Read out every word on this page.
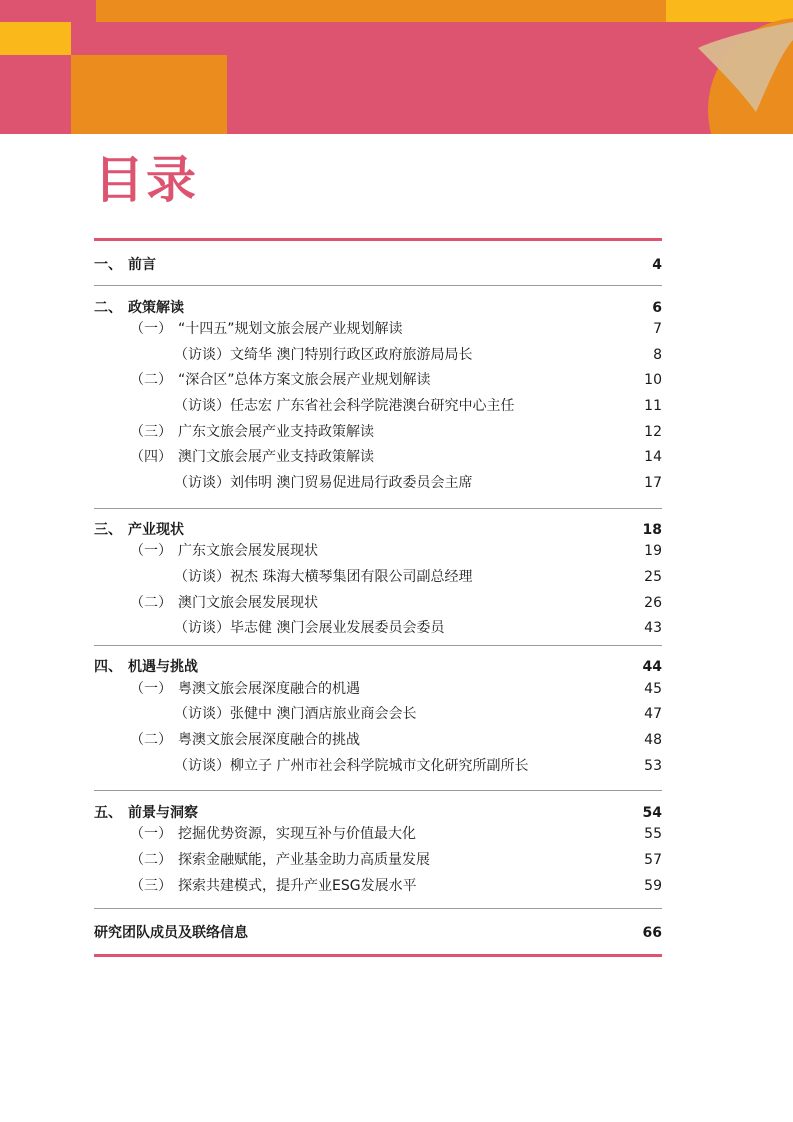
目录
一、 前言	4
二、 政策解读	6
（一） “十四五”规划文旅会展产业规划解读	7
（访谈）文绮华 澳门特别行政区政府旅游局局长	8
（二） “深合区”总体方案文旅会展产业规划解读	10
（访谈）任志宏 广东省社会科学院港澳台研究中心主任	11
（三） 广东文旅会展产业支持政策解读	12
（四） 澳门文旅会展产业支持政策解读	14
（访谈）刘伟明 澳门贸易促进局行政委员会主席	17
三、 产业现状	18
（一） 广东文旅会展发展现状	19
（访谈）祝杰 珠海大横琴集团有限公司副总经理	25
（二） 澳门文旅会展发展现状	26
（访谈）毕志健 澳门会展业发展委员会委员	43
四、 机遇与挑战	44
（一） 粤澳文旅会展深度融合的机遇	45
（访谈）张健中 澳门酒店旅业商会会长	47
（二） 粤澳文旅会展深度融合的挑战	48
（访谈）柳立子 广州市社会科学院城市文化研究所副所长	53
五、 前景与洞察	54
（一） 挖掘优势资源，实现互补与价值最大化	55
（二） 探索金融赋能，产业基金助力高质量发展	57
（三） 探索共建模式，提升产业ESG发展水平	59
研究团队成员及联络信息	66
